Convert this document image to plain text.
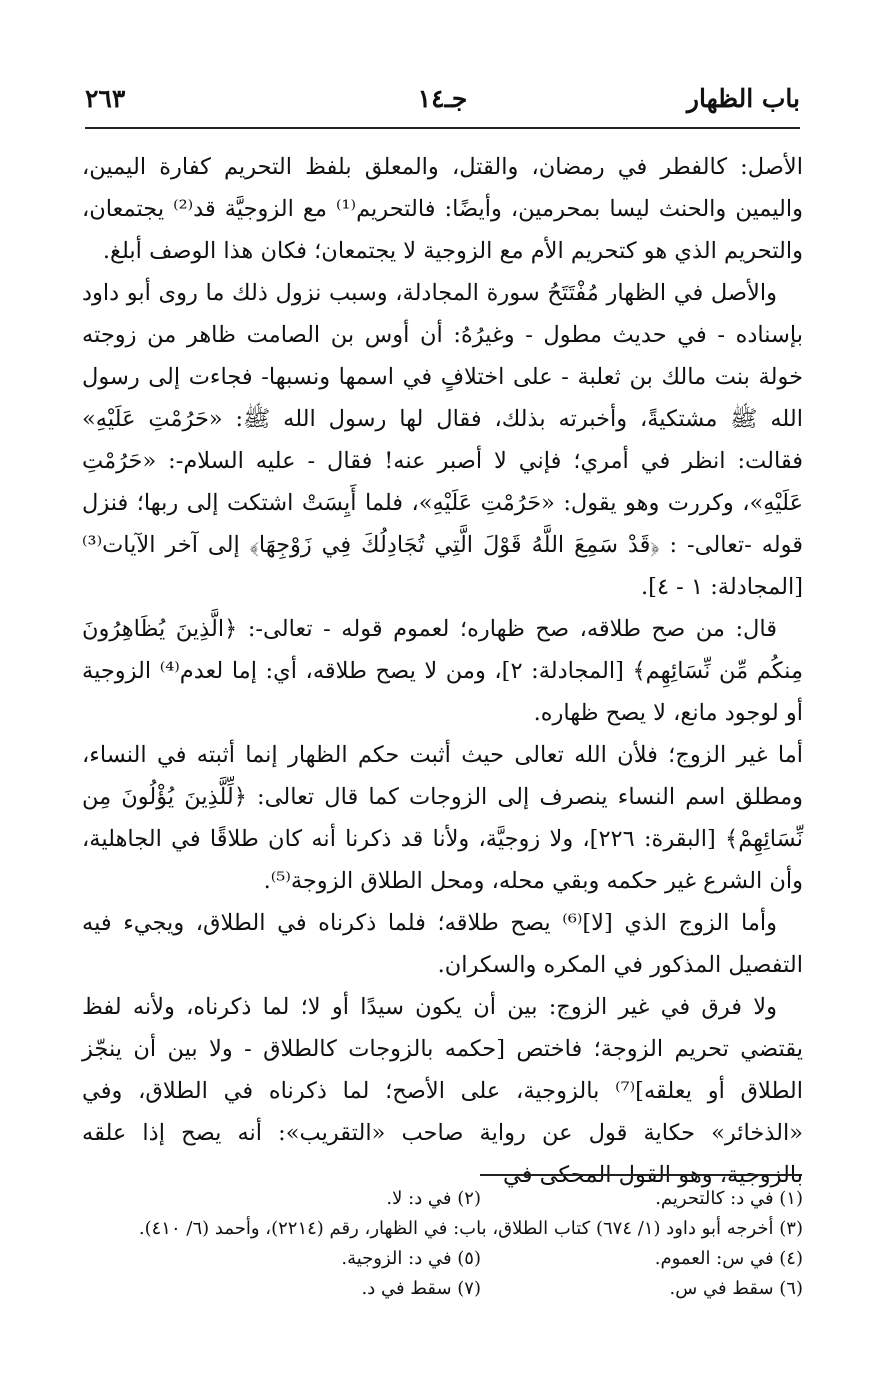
باب الظهار
جـ١٤
٢٦٣

الأصل: كالفطر في رمضان، والقتل، والمعلق بلفظ التحريم كفارة اليمين، واليمين والحنث ليسا بمحرمين، وأيضًا: فالتحريم⁽¹⁾ مع الزوجيَّة قد⁽²⁾ يجتمعان، والتحريم الذي هو كتحريم الأم مع الزوجية لا يجتمعان؛ فكان هذا الوصف أبلغ.

والأصل في الظهار مُفْتَتَحُ سورة المجادلة، وسبب نزول ذلك ما روى أبو داود بإسناده - في حديث مطول - وغيرُهُ: أن أوس بن الصامت ظاهر من زوجته خولة بنت مالك بن ثعلبة - على اختلافٍ في اسمها ونسبها- فجاءت إلى رسول الله ﷺ مشتكيةً، وأخبرته بذلك، فقال لها رسول الله ﷺ: «حَرُمْتِ عَلَيْهِ» فقالت: انظر في أمري؛ فإني لا أصبر عنه! فقال - عليه السلام-: «حَرُمْتِ عَلَيْهِ»، وكررت وهو يقول: «حَرُمْتِ عَلَيْهِ»، فلما أَيِسَتْ اشتكت إلى ربها؛ فنزل قوله -تعالى- : ﴿قَدْ سَمِعَ اللَّهُ قَوْلَ الَّتِي تُجَادِلُكَ فِي زَوْجِهَا﴾ إلى آخر الآيات⁽³⁾ [المجادلة: ١ - ٤].

قال: من صح طلاقه، صح ظهاره؛ لعموم قوله - تعالى-: ﴿الَّذِينَ يُظَاهِرُونَ مِنكُم مِّن نِّسَائِهِم﴾ [المجادلة: ٢]، ومن لا يصح طلاقه، أي: إما لعدم⁽⁴⁾ الزوجية أو لوجود مانع، لا يصح ظهاره.

أما غير الزوج؛ فلأن الله تعالى حيث أثبت حكم الظهار إنما أثبته في النساء، ومطلق اسم النساء ينصرف إلى الزوجات كما قال تعالى: ﴿لِّلَّذِينَ يُؤْلُونَ مِن نِّسَائِهِمْ﴾ [البقرة: ٢٢٦]، ولا زوجيَّة، ولأنا قد ذكرنا أنه كان طلاقًا في الجاهلية، وأن الشرع غير حكمه وبقي محله، ومحل الطلاق الزوجة⁽⁵⁾.

وأما الزوج الذي [لا]⁽⁶⁾ يصح طلاقه؛ فلما ذكرناه في الطلاق، ويجيء فيه التفصيل المذكور في المكره والسكران.

ولا فرق في غير الزوج: بين أن يكون سيدًا أو لا؛ لما ذكرناه، ولأنه لفظ يقتضي تحريم الزوجة؛ فاختص [حكمه بالزوجات كالطلاق - ولا بين أن ينجّز الطلاق أو يعلقه]⁽⁷⁾ بالزوجية، على الأصح؛ لما ذكرناه في الطلاق، وفي «الذخائر» حكاية قول عن رواية صاحب «التقريب»: أنه يصح إذا علقه بالزوجية، وهو القول المحكى في

(١) في د: كالتحريم.
(٢) في د: لا.
(٣) أخرجه أبو داود (١/ ٦٧٤) كتاب الطلاق، باب: في الظهار، رقم (٢٢١٤)، وأحمد (٦/ ٤١٠).
(٤) في س: العموم.
(٥) في د: الزوجية.
(٦) سقط في س.
(٧) سقط في د.
